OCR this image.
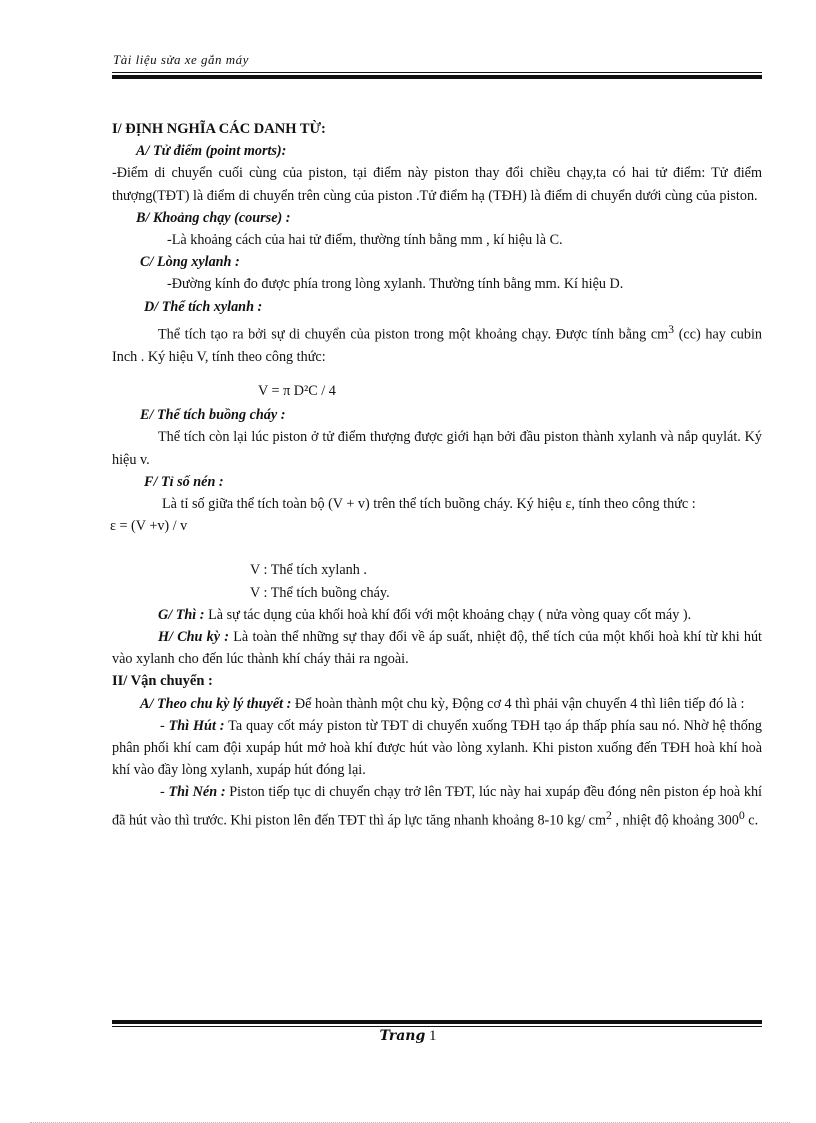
Tài liệu sửa xe gắn máy

I/ ĐỊNH NGHĨA CÁC DANH TỪ:

A/ Tử điểm (point morts):

-Điểm di chuyển cuối cùng của piston, tại điểm này piston thay đổi chiều chạy,ta có hai tử điểm: Tử điểm thượng(TĐT) là điểm di chuyển trên cùng của piston .Tử điểm hạ (TĐH) là điểm di chuyển dưới cùng của piston.

B/ Khoảng chạy (course) :

-Là khoảng cách của hai tử điểm, thường tính bằng mm , kí hiệu là C.

C/ Lòng xylanh :

-Đường kính đo được phía trong lòng xylanh. Thường tính bằng mm. Kí hiệu D.

D/ Thể tích xylanh :

Thể tích tạo ra bởi sự di chuyển của piston trong một khoảng chạy. Được tính bằng $cm^3$ (cc) hay cubin Inch . Ký hiệu V, tính theo công thức:

V = π D²C / 4

E/ Thể tích buồng cháy :

Thể tích còn lại lúc piston ở tử điểm thượng được giới hạn bởi đầu piston thành xylanh và nắp quylát. Ký hiệu v.

F/ Tỉ số nén :

Là tỉ số giữa thể tích toàn bộ (V + v) trên thể tích buồng cháy. Ký hiệu ε, tính theo công thức :

ε = (V +v) / v

V : Thể tích xylanh .

V : Thể tích buồng cháy.

G/ Thì : Là sự tác dụng của khối hoà khí đối với một khoảng chạy ( nửa vòng quay cốt máy ).

H/ Chu kỳ : Là toàn thể những sự thay đổi về áp suất, nhiệt độ, thể tích của một khối hoà khí từ khi hút vào xylanh cho đến lúc thành khí cháy thải ra ngoài.

II/ Vận chuyển :

A/ Theo chu kỳ lý thuyết : Để hoàn thành một chu kỳ, Động cơ 4 thì phải vận chuyển 4 thì liên tiếp đó là :

- Thì Hút : Ta quay cốt máy piston từ TĐT di chuyển xuống TĐH tạo áp thấp phía sau nó. Nhờ hệ thống phân phối khí cam đội xupáp hút mở hoà khí được hút vào lòng xylanh. Khi piston xuống đến TĐH hoà khí hoà khí vào đầy lòng xylanh, xupáp hút đóng lại.

- Thì Nén : Piston tiếp tục di chuyển chạy trở lên TĐT, lúc này hai xupáp đều đóng nên piston ép hoà khí đã hút vào thì trước. Khi piston lên đến TĐT thì áp lực tăng nhanh khoảng 8-10 kg/ $cm^2$ , nhiệt độ khoảng $300^0$ c.

Trang 1
